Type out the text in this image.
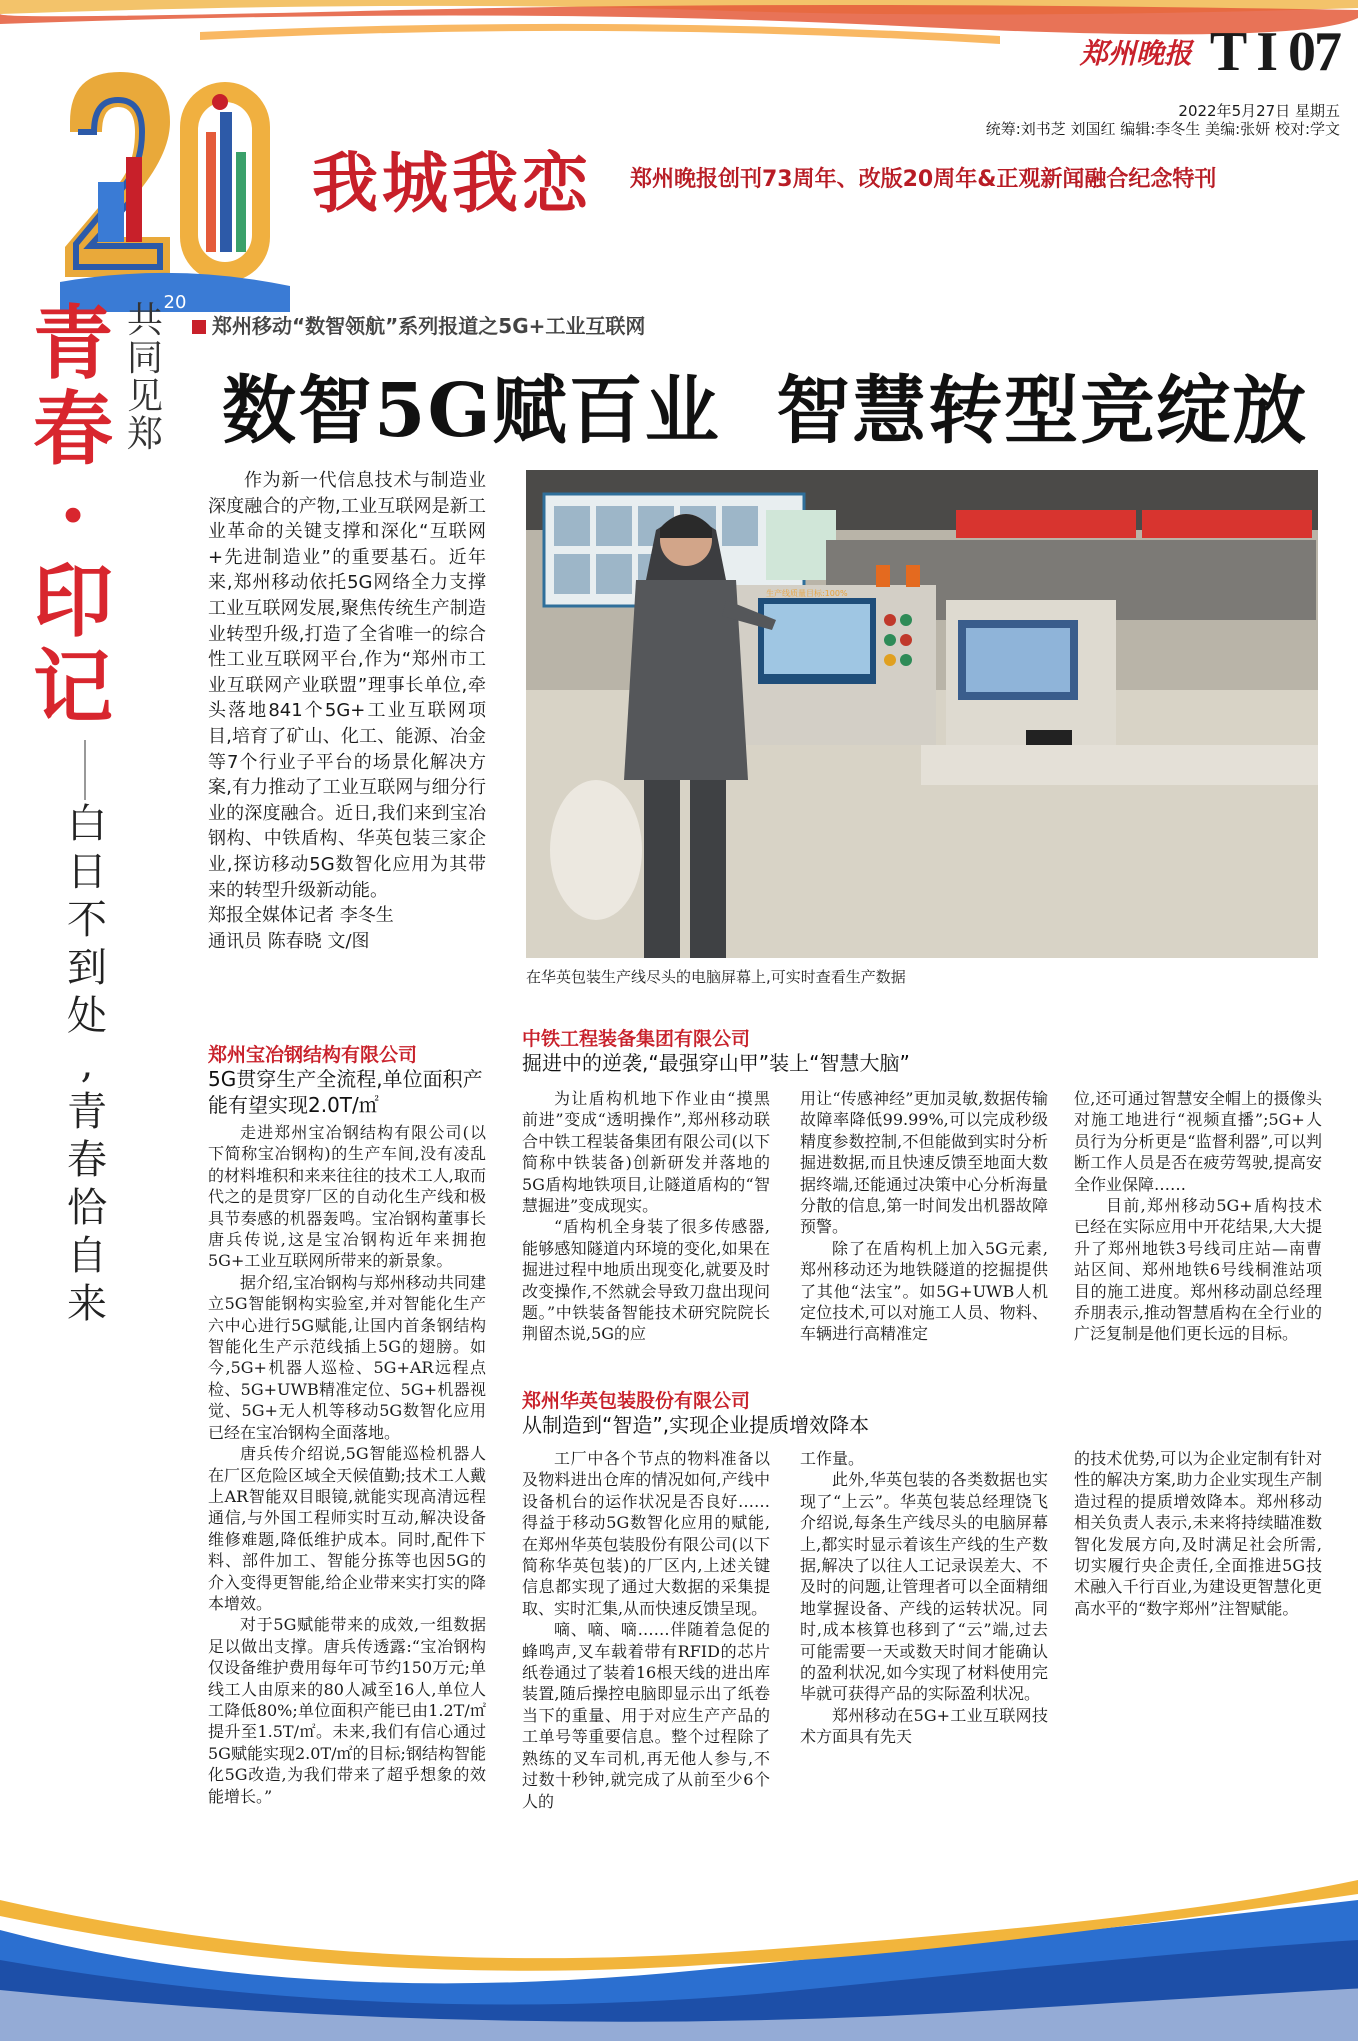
20
郑州晚报 T I 07
2022年5月27日 星期五
统筹:刘书芝 刘国红 编辑:李冬生 美编:张妍 校对:学文
我城我恋 郑州晚报创刊73周年、改版20周年&正观新闻融合纪念特刊
青
春
·
印
记
共
同
见
郑
白
日
不
到
处
,
青
春
恰
自
来
郑州移动“数智领航”系列报道之5G+工业互联网
数智5G赋百业  智慧转型竞绽放

作为新一代信息技术与制造业深度融合的产物,工业互联网是新工业革命的关键支撑和深化“互联网+先进制造业”的重要基石。近年来,郑州移动依托5G网络全力支撑工业互联网发展,聚焦传统生产制造业转型升级,打造了全省唯一的综合性工业互联网平台,作为“郑州市工业互联网产业联盟”理事长单位,牵头落地841个5G+工业互联网项目,培育了矿山、化工、能源、冶金等7个行业子平台的场景化解决方案,有力推动了工业互联网与细分行业的深度融合。近日,我们来到宝冶钢构、中铁盾构、华英包装三家企业,探访移动5G数智化应用为其带来的转型升级新动能。

郑报全媒体记者 李冬生

通讯员 陈春晓 文/图

生产线质量目标:100%
在华英包装生产线尽头的电脑屏幕上,可实时查看生产数据
郑州宝冶钢结构有限公司
5G贯穿生产全流程,单位面积产能有望实现2.0T/㎡

走进郑州宝冶钢结构有限公司(以下简称宝冶钢构)的生产车间,没有凌乱的材料堆积和来来往往的技术工人,取而代之的是贯穿厂区的自动化生产线和极具节奏感的机器轰鸣。宝冶钢构董事长唐兵传说,这是宝冶钢构近年来拥抱5G+工业互联网所带来的新景象。

据介绍,宝冶钢构与郑州移动共同建立5G智能钢构实验室,并对智能化生产六中心进行5G赋能,让国内首条钢结构智能化生产示范线插上5G的翅膀。如今,5G+机器人巡检、5G+AR远程点检、5G+UWB精准定位、5G+机器视觉、5G+无人机等移动5G数智化应用已经在宝冶钢构全面落地。

唐兵传介绍说,5G智能巡检机器人在厂区危险区域全天候值勤;技术工人戴上AR智能双目眼镜,就能实现高清远程通信,与外国工程师实时互动,解决设备维修难题,降低维护成本。同时,配件下料、部件加工、智能分拣等也因5G的介入变得更智能,给企业带来实打实的降本增效。

对于5G赋能带来的成效,一组数据足以做出支撑。唐兵传透露:“宝冶钢构仅设备维护费用每年可节约150万元;单线工人由原来的80人减至16人,单位人工降低80%;单位面积产能已由1.2T/㎡提升至1.5T/㎡。未来,我们有信心通过5G赋能实现2.0T/㎡的目标;钢结构智能化5G改造,为我们带来了超乎想象的效能增长。”

中铁工程装备集团有限公司
掘进中的逆袭,“最强穿山甲”装上“智慧大脑”

为让盾构机地下作业由“摸黑前进”变成“透明操作”,郑州移动联合中铁工程装备集团有限公司(以下简称中铁装备)创新研发并落地的5G盾构地铁项目,让隧道盾构的“智慧掘进”变成现实。

“盾构机全身装了很多传感器,能够感知隧道内环境的变化,如果在掘进过程中地质出现变化,就要及时改变操作,不然就会导致刀盘出现问题。”中铁装备智能技术研究院院长荆留杰说,5G的应

用让“传感神经”更加灵敏,数据传输故障率降低99.99%,可以完成秒级精度参数控制,不但能做到实时分析掘进数据,而且快速反馈至地面大数据终端,还能通过决策中心分析海量分散的信息,第一时间发出机器故障预警。

除了在盾构机上加入5G元素,郑州移动还为地铁隧道的挖掘提供了其他“法宝”。如5G+UWB人机定位技术,可以对施工人员、物料、车辆进行高精准定

位,还可通过智慧安全帽上的摄像头对施工地进行“视频直播”;5G+人员行为分析更是“监督利器”,可以判断工作人员是否在疲劳驾驶,提高安全作业保障……

目前,郑州移动5G+盾构技术已经在实际应用中开花结果,大大提升了郑州地铁3号线司庄站—南曹站区间、郑州地铁6号线桐淮站项目的施工进度。郑州移动副总经理乔朋表示,推动智慧盾构在全行业的广泛复制是他们更长远的目标。

郑州华英包装股份有限公司
从制造到“智造”,实现企业提质增效降本

工厂中各个节点的物料准备以及物料进出仓库的情况如何,产线中设备机台的运作状况是否良好……得益于移动5G数智化应用的赋能,在郑州华英包装股份有限公司(以下简称华英包装)的厂区内,上述关键信息都实现了通过大数据的采集提取、实时汇集,从而快速反馈呈现。

嘀、嘀、嘀……伴随着急促的蜂鸣声,叉车载着带有RFID的芯片纸卷通过了装着16根天线的进出库装置,随后操控电脑即显示出了纸卷当下的重量、用于对应生产产品的工单号等重要信息。整个过程除了熟练的叉车司机,再无他人参与,不过数十秒钟,就完成了从前至少6个人的

工作量。

此外,华英包装的各类数据也实现了“上云”。华英包装总经理饶飞介绍说,每条生产线尽头的电脑屏幕上,都实时显示着该生产线的生产数据,解决了以往人工记录误差大、不及时的问题,让管理者可以全面精细地掌握设备、产线的运转状况。同时,成本核算也移到了“云”端,过去可能需要一天或数天时间才能确认的盈利状况,如今实现了材料使用完毕就可获得产品的实际盈利状况。

郑州移动在5G+工业互联网技术方面具有先天

的技术优势,可以为企业定制有针对性的解决方案,助力企业实现生产制造过程的提质增效降本。郑州移动相关负责人表示,未来将持续瞄准数智化发展方向,及时满足社会所需,切实履行央企责任,全面推进5G技术融入千行百业,为建设更智慧化更高水平的“数字郑州”注智赋能。
